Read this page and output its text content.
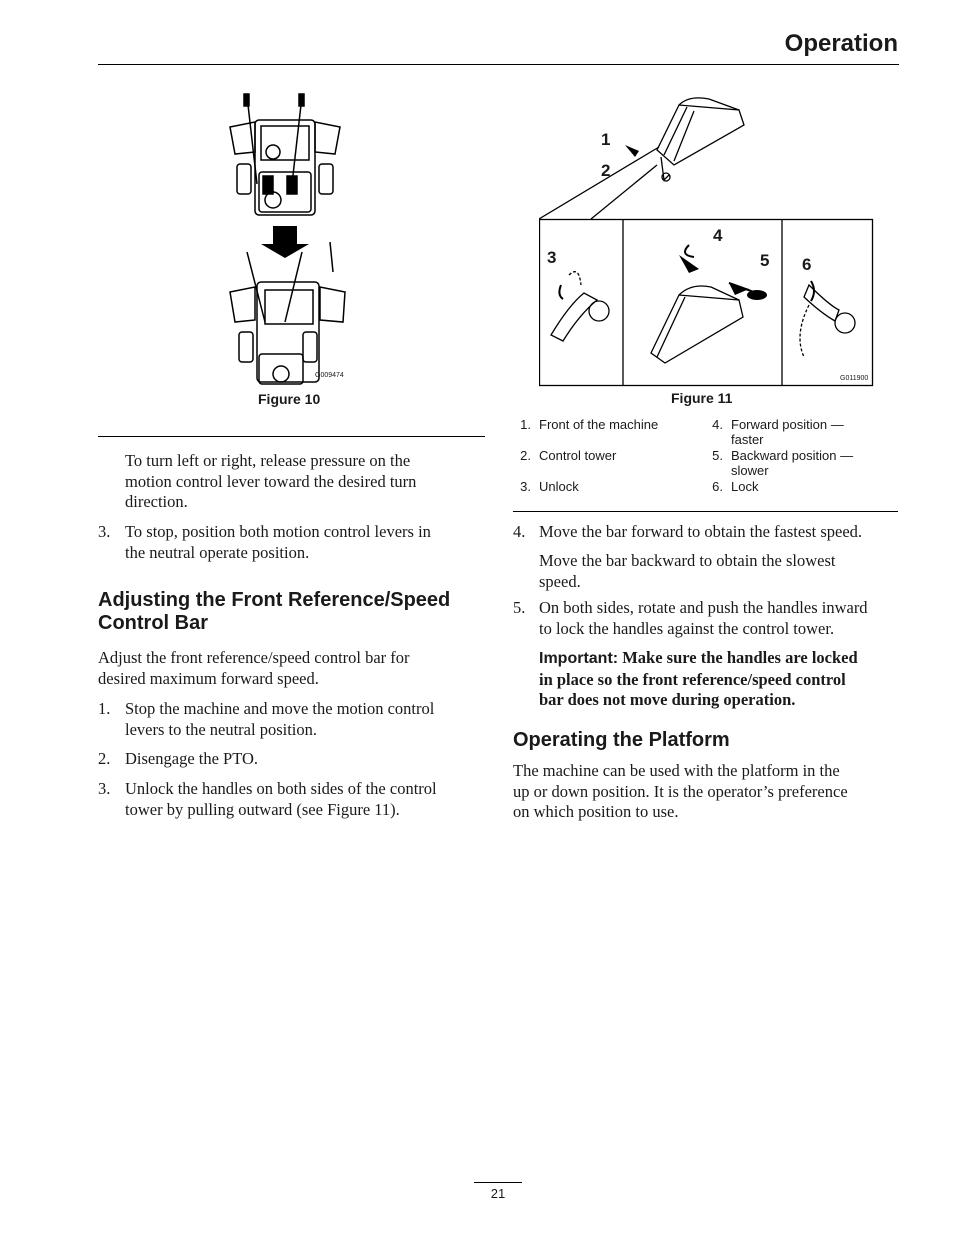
Operation
G009474
Figure 10
1
2
3
4
5 6
G011900
Figure 11
1. Front of the machine
2. Control tower
3. Unlock
4. Forward position —
faster
5. Backward position —
slower
6. Lock
To turn left or right, release pressure on the
motion control lever toward the desired turn
direction.
3. To stop, position both motion control levers in
the neutral operate position.
Adjusting the Front Reference/Speed
Control Bar
Adjust the front reference/speed control bar for
desired maximum forward speed.
1. Stop the machine and move the motion control
levers to the neutral position.
2. Disengage the PTO.
3. Unlock the handles on both sides of the control
tower by pulling outward (see Figure 11).
4. Move the bar forward to obtain the fastest speed.
Move the bar backward to obtain the slowest
speed.
5. On both sides, rotate and push the handles inward
to lock the handles against the control tower.
Important: Make sure the handles are locked
in place so the front reference/speed control
bar does not move during operation.
Operating the Platform
The machine can be used with the platform in the
up or down position. It is the operator’s preference
on which position to use.
21
